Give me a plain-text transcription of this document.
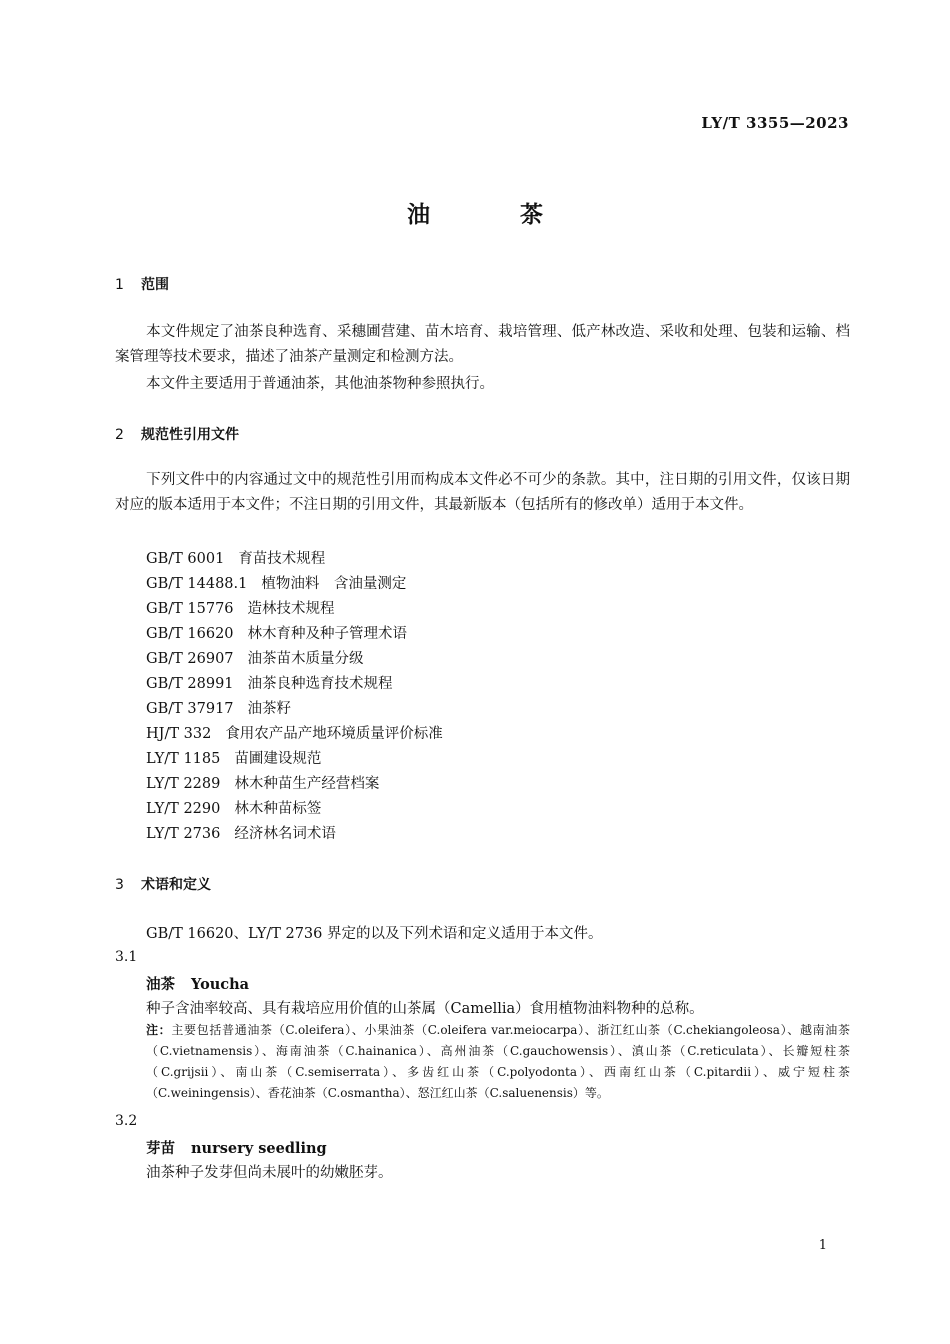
LY/T 3355—2023
油	茶
1 范围
本文件规定了油茶良种选育、采穗圃营建、苗木培育、栽培管理、低产林改造、采收和处理、包装和运输、档案管理等技术要求，描述了油茶产量测定和检测方法。
本文件主要适用于普通油茶，其他油茶物种参照执行。
2 规范性引用文件
下列文件中的内容通过文中的规范性引用而构成本文件必不可少的条款。其中，注日期的引用文件，仅该日期对应的版本适用于本文件；不注日期的引用文件，其最新版本（包括所有的修改单）适用于本文件。
GB/T 6001 育苗技术规程
GB/T 14488.1 植物油料　含油量测定
GB/T 15776 造林技术规程
GB/T 16620 林木育种及种子管理术语
GB/T 26907 油茶苗木质量分级
GB/T 28991 油茶良种选育技术规程
GB/T 37917 油茶籽
HJ/T 332 食用农产品产地环境质量评价标准
LY/T 1185 苗圃建设规范
LY/T 2289 林木种苗生产经营档案
LY/T 2290 林木种苗标签
LY/T 2736 经济林名词术语
3 术语和定义
GB/T 16620、LY/T 2736 界定的以及下列术语和定义适用于本文件。
3.1
油茶 Youcha
种子含油率较高、具有栽培应用价值的山茶属（Camellia）食用植物油料物种的总称。
注：主要包括普通油茶（C.oleifera）、小果油茶（C.oleifera var.meiocarpa）、浙江红山茶（C.chekiangoleosa）、越南油茶（C.vietnamensis）、海南油茶（C.hainanica）、高州油茶（C.gauchowensis）、滇山茶（C.reticulata）、长瓣短柱茶（C.grijsii）、南山茶（C.semiserrata）、多齿红山茶（C.polyodonta）、西南红山茶（C.pitardii）、威宁短柱茶（C.weiningensis）、香花油茶（C.osmantha）、怒江红山茶（C.saluenensis）等。
3.2
芽苗 nursery seedling
油茶种子发芽但尚未展叶的幼嫩胚芽。
1
